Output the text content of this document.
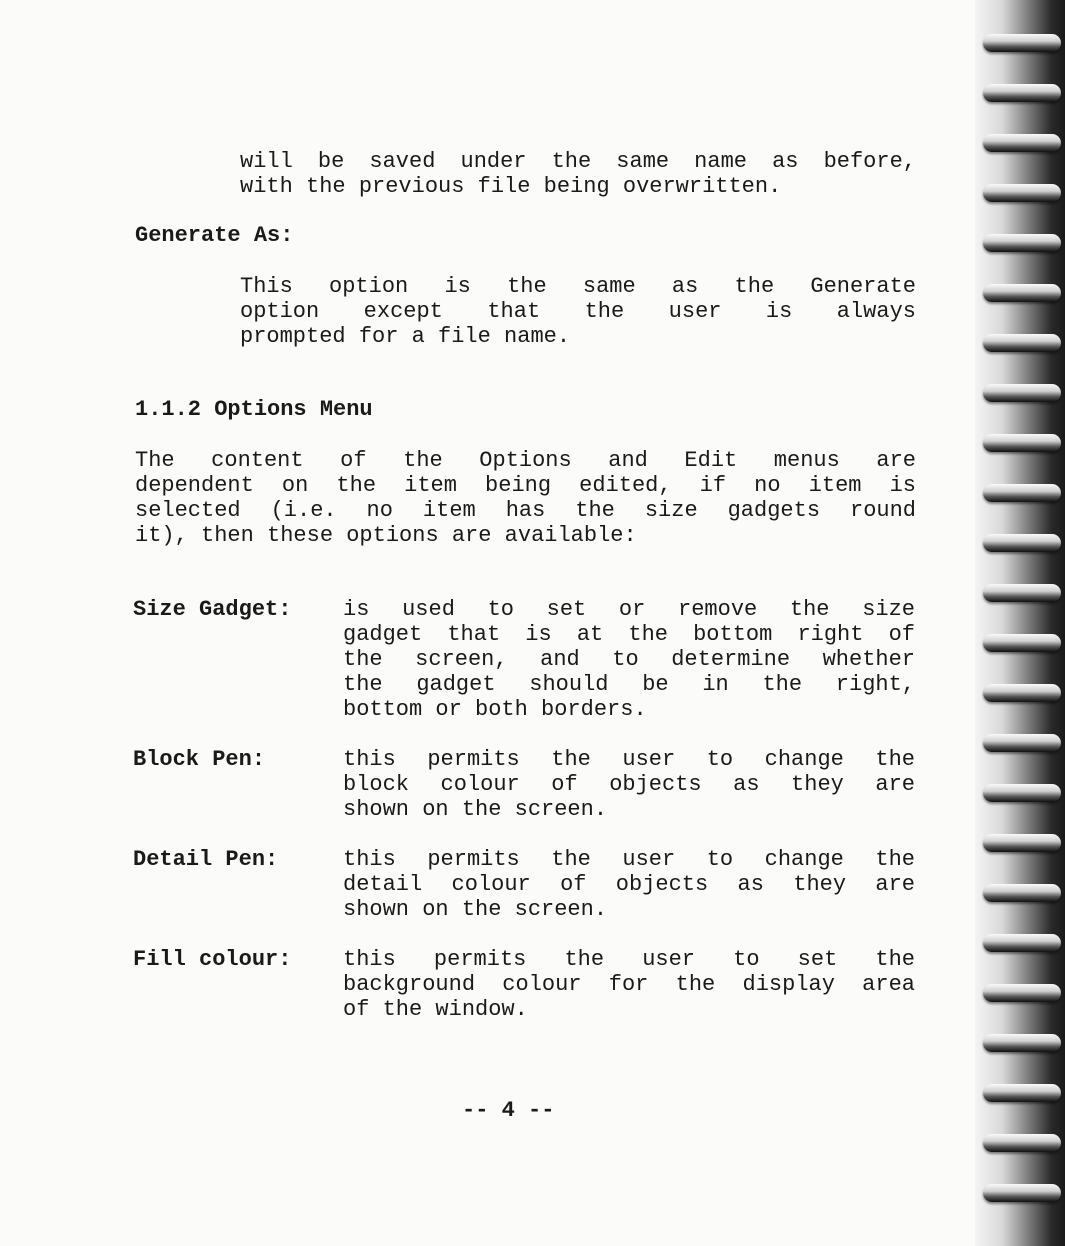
will be saved under the same name as before,
with the previous file being overwritten.
Generate As:
This option is the same as the Generate
option except that the user is always
prompted for a file name.
1.1.2 Options Menu
The content of the Options and Edit menus are
dependent on the item being edited, if no item is
selected (i.e. no item has the size gadgets round
it), then these options are available:
Size Gadget: is used to set or remove the size
gadget that is at the bottom right of
the screen, and to determine whether
the gadget should be in the right,
bottom or both borders.
Block Pen:	this permits the user to change the
block colour of objects as they are
shown on the screen.
Detail Pen:	this permits the user to change the
detail colour of objects as they are
shown on the screen.
Fill colour: this permits the user to set the
background colour for the display area
of the window.
-- 4 --
